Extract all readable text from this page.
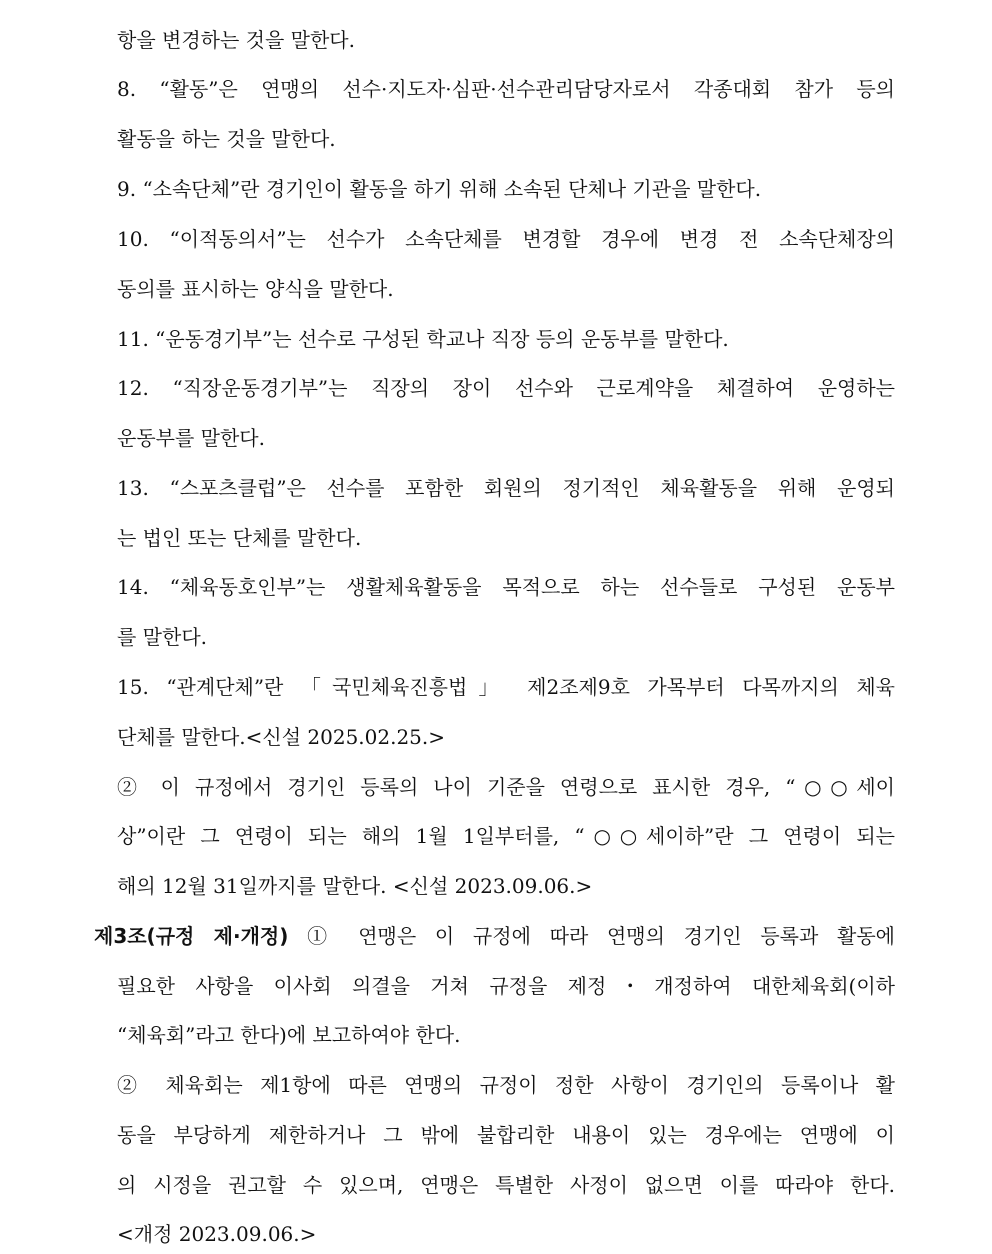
항을 변경하는 것을 말한다.
8. “활동”은 연맹의 선수·지도자·심판·선수관리담당자로서 각종대회 참가 등의
활동을 하는 것을 말한다.
9. “소속단체”란 경기인이 활동을 하기 위해 소속된 단체나 기관을 말한다.
10. “이적동의서”는 선수가 소속단체를 변경할 경우에 변경 전 소속단체장의
동의를 표시하는 양식을 말한다.
11. “운동경기부”는 선수로 구성된 학교나 직장 등의 운동부를 말한다.
12. “직장운동경기부”는 직장의 장이 선수와 근로계약을 체결하여 운영하는
운동부를 말한다.
13. “스포츠클럽”은 선수를 포함한 회원의 정기적인 체육활동을 위해 운영되
는 법인 또는 단체를 말한다.
14. “체육동호인부”는 생활체육활동을 목적으로 하는 선수들로 구성된 운동부
를 말한다.
15. “관계단체”란 「국민체육진흥법」 제2조제9호 가목부터 다목까지의 체육
단체를 말한다.<신설 2025.02.25.>
② 이 규정에서 경기인 등록의 나이 기준을 연령으로 표시한 경우, “○○세이
상”이란 그 연령이 되는 해의 1월 1일부터를, “○○세이하”란 그 연령이 되는
해의 12월 31일까지를 말한다. <신설 2023.09.06.>
제3조(규정 제·개정) ① 연맹은 이 규정에 따라 연맹의 경기인 등록과 활동에
필요한 사항을 이사회 의결을 거쳐 규정을 제정・개정하여 대한체육회(이하
“체육회”라고 한다)에 보고하여야 한다.
② 체육회는 제1항에 따른 연맹의 규정이 정한 사항이 경기인의 등록이나 활
동을 부당하게 제한하거나 그 밖에 불합리한 내용이 있는 경우에는 연맹에 이
의 시정을 권고할 수 있으며, 연맹은 특별한 사정이 없으면 이를 따라야 한다.
<개정 2023.09.06.>
